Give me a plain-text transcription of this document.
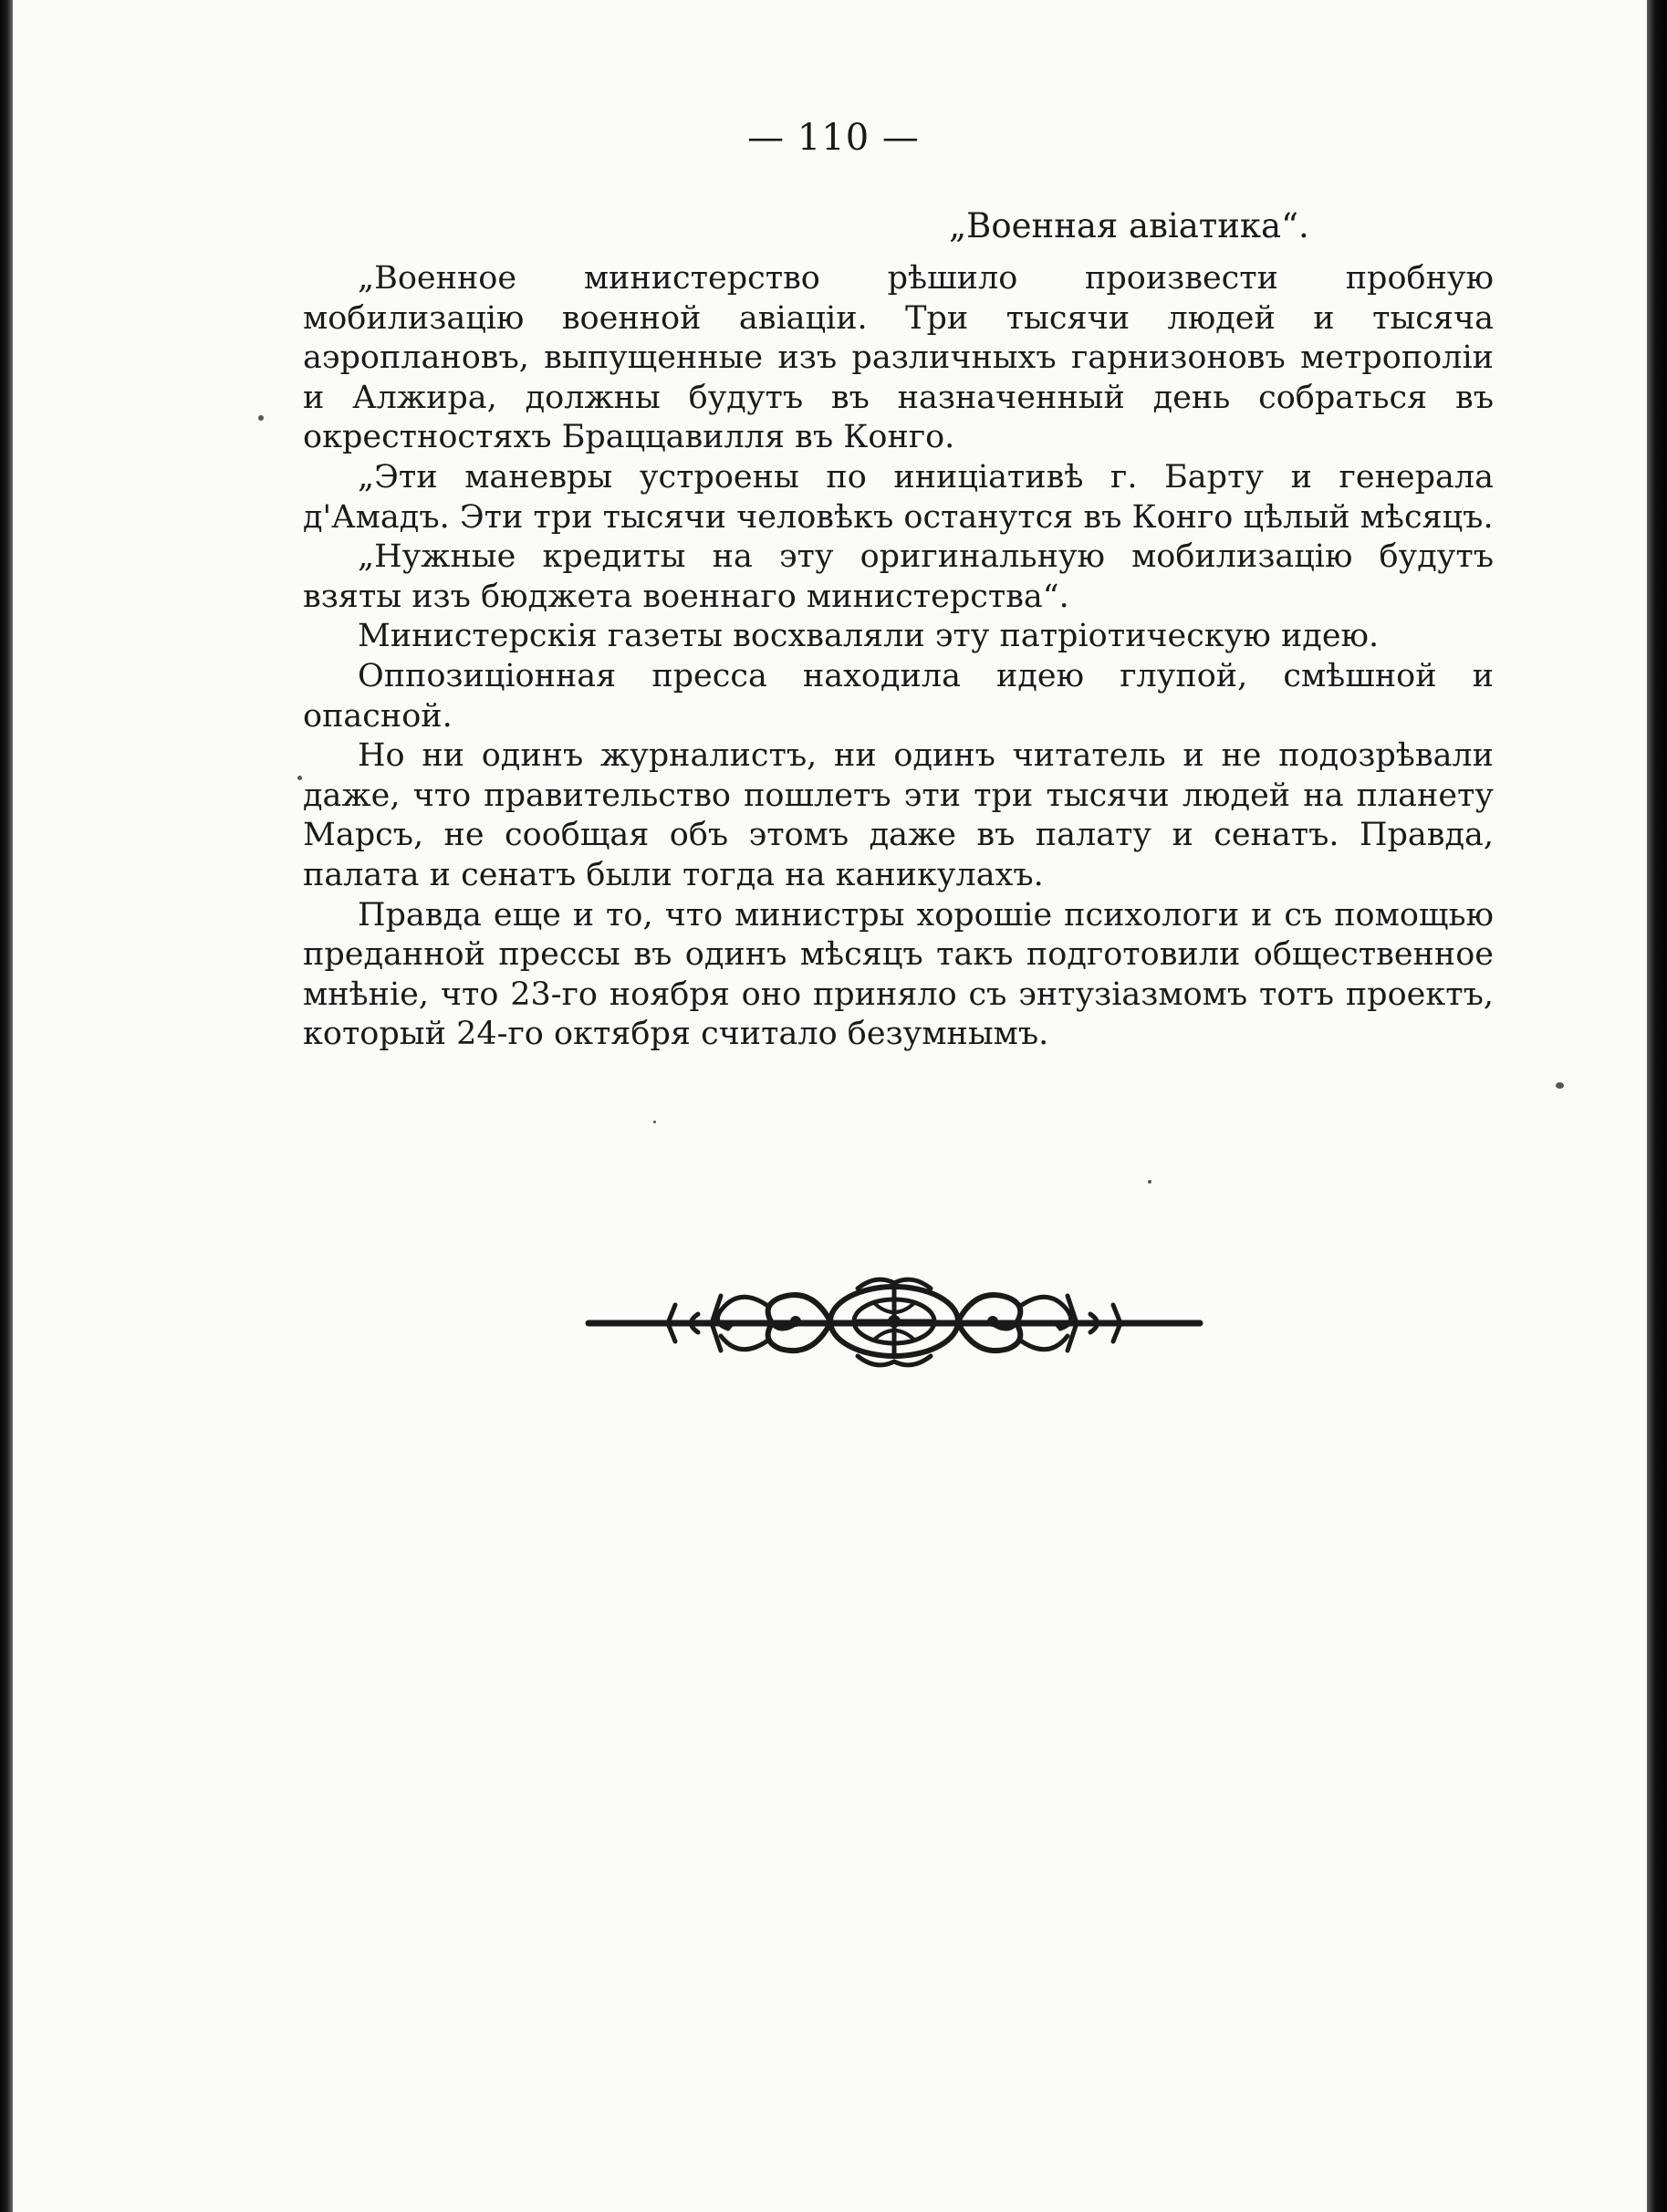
— 110 —
„Военная авіатика“.

„Военное министерство рѣшило произвести пробную мобилизацію военной авіаціи. Три тысячи людей и тысяча аэроплановъ, выпущенные изъ различныхъ гарнизоновъ метрополіи и Алжира, должны будутъ въ назначенный день собраться въ окрестностяхъ Браццавилля въ Конго.

„Эти маневры устроены по иниціативѣ г. Барту и генерала д'Амадъ. Эти три тысячи человѣкъ останутся въ Конго цѣлый мѣсяцъ.

„Нужные кредиты на эту оригинальную мобилизацію будутъ взяты изъ бюджета военнаго министерства“.

Министерскія газеты восхваляли эту патріотическую идею.

Оппозиціонная пресса находила идею глупой, смѣшной и опасной.

Но ни одинъ журналистъ, ни одинъ читатель и не подозрѣвали даже, что правительство пошлетъ эти три тысячи людей на планету Марсъ, не сообщая объ этомъ даже въ палату и сенатъ. Правда, палата и сенатъ были тогда на каникулахъ.

Правда еще и то, что министры хорошіе психологи и съ помощью преданной прессы въ одинъ мѣсяцъ такъ подготовили общественное мнѣніе, что 23-го ноября оно приняло съ энтузіазмомъ тотъ проектъ, который 24-го октября считало безумнымъ.
